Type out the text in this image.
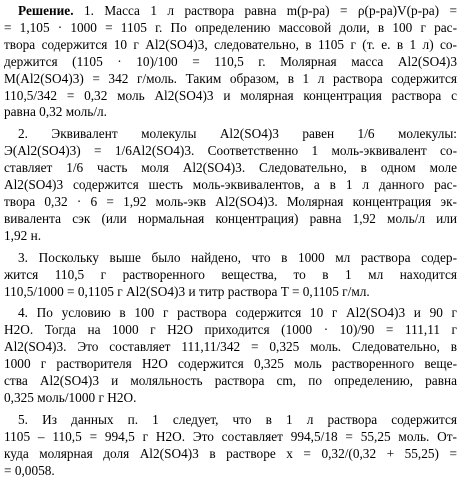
Решение. 1. Масса 1 л раствора равна m(р-ра) = ρ(р-ра)V(р-ра) =
= 1,105 · 1000 = 1105 г. По определению массовой доли, в 100 г рас-
твора содержится 10 г Al2(SO4)3, следовательно, в 1105 г (т. е. в 1 л) со-
держится (1105 · 10)/100 = 110,5 г. Молярная масса Al2(SO4)3
M(Al2(SO4)3) = 342 г/моль. Таким образом, в 1 л раствора содержится
110,5/342 = 0,32 моль Al2(SO4)3 и молярная концентрация раствора c
равна 0,32 моль/л.
2. Эквивалент молекулы Al2(SO4)3 равен 1/6 молекулы:
Э(Al2(SO4)3) = 1/6Al2(SO4)3. Соответственно 1 моль-эквивалент со-
ставляет 1/6 часть моля Al2(SO4)3. Следовательно, в одном моле
Al2(SO4)3 содержится шесть моль-эквивалентов, а в 1 л данного рас-
твора 0,32 · 6 = 1,92 моль-экв Al2(SO4)3. Молярная концентрация эк-
вивалента cэк (или нормальная концентрация) равна 1,92 моль/л или
1,92 н.
3. Поскольку выше было найдено, что в 1000 мл раствора содер-
жится 110,5 г растворенного вещества, то в 1 мл находится
110,5/1000 = 0,1105 г Al2(SO4)3 и титр раствора T = 0,1105 г/мл.
4. По условию в 100 г раствора содержится 10 г Al2(SO4)3 и 90 г
H2O. Тогда на 1000 г H2O приходится (1000 · 10)/90 = 111,11 г
Al2(SO4)3. Это составляет 111,11/342 = 0,325 моль. Следовательно, в
1000 г растворителя H2O содержится 0,325 моль растворенного веще-
ства Al2(SO4)3 и моляльность раствора cm, по определению, равна
0,325 моль/1000 г H2O.
5. Из данных п. 1 следует, что в 1 л раствора содержится
1105 – 110,5 = 994,5 г H2O. Это составляет 994,5/18 = 55,25 моль. От-
куда молярная доля Al2(SO4)3 в растворе x = 0,32/(0,32 + 55,25) =
= 0,0058.
